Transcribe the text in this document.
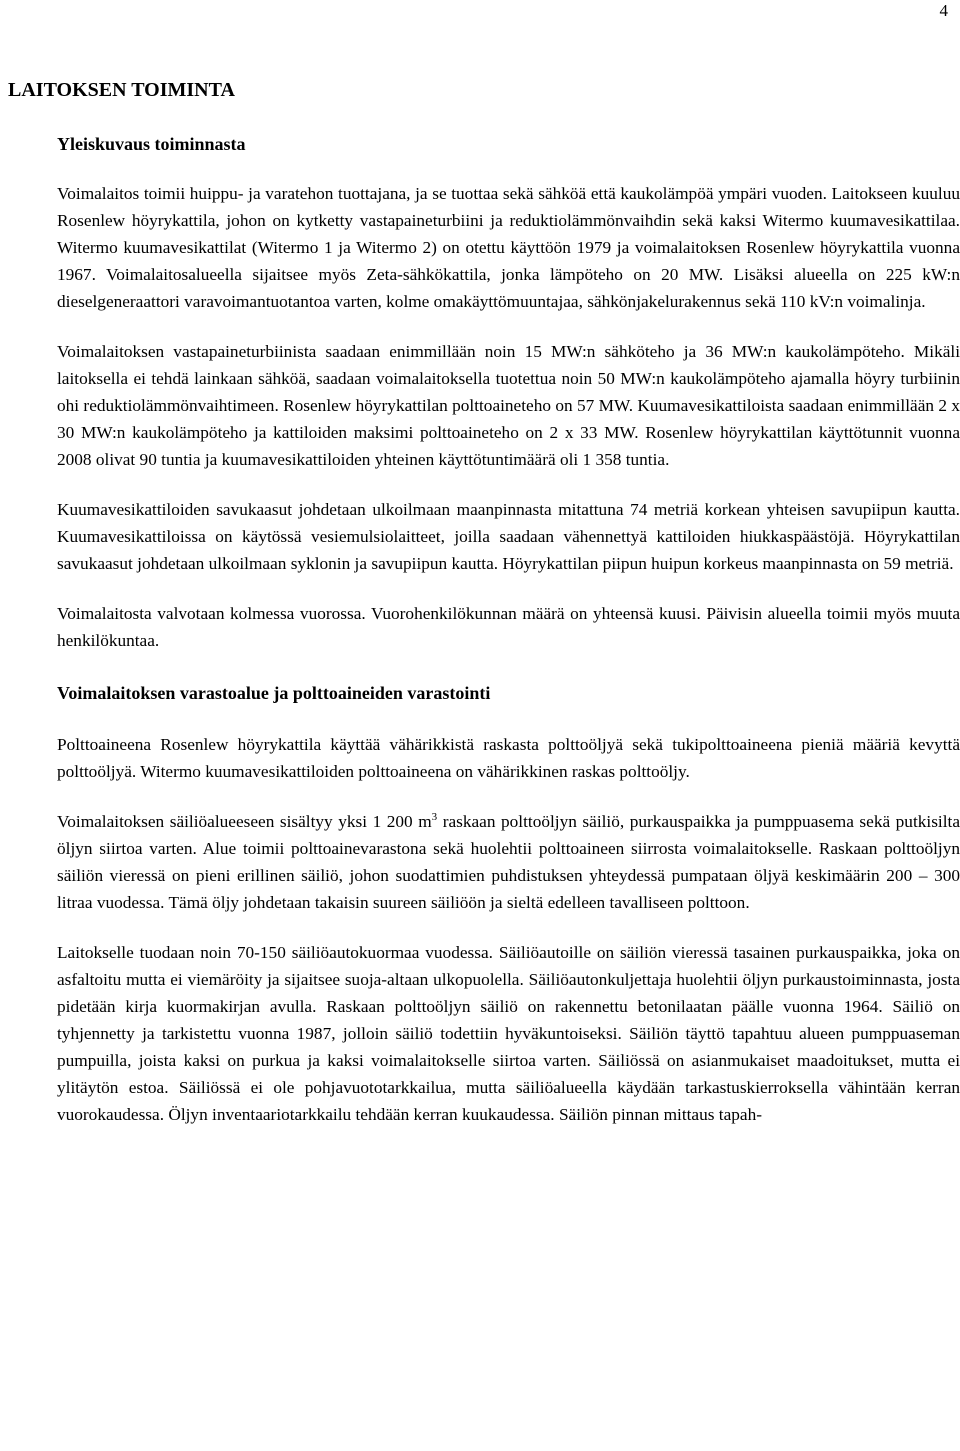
4
LAITOKSEN TOIMINTA
Yleiskuvaus toiminnasta

Voimalaitos toimii huippu- ja varatehon tuottajana, ja se tuottaa sekä sähköä että kaukolämpöä ympäri vuoden. Laitokseen kuuluu Rosenlew höyrykattila, johon on kytketty vastapaineturbiini ja reduktiolämmönvaihdin sekä kaksi Witermo kuumavesikattilaa. Witermo kuumavesikattilat (Witermo 1 ja Witermo 2) on otettu käyttöön 1979 ja voimalaitoksen Rosenlew höyrykattila vuonna 1967. Voimalaitosalueella sijaitsee myös Zeta-sähkökattila, jonka lämpöteho on 20 MW. Lisäksi alueella on 225 kW:n dieselgeneraattori varavoimantuotantoa varten, kolme omakäyttömuuntajaa, sähkönjakelurakennus sekä 110 kV:n voimalinja.

Voimalaitoksen vastapaineturbiinista saadaan enimmillään noin 15 MW:n sähköteho ja 36 MW:n kaukolämpöteho. Mikäli laitoksella ei tehdä lainkaan sähköä, saadaan voimalaitoksella tuotettua noin 50 MW:n kaukolämpöteho ajamalla höyry turbiinin ohi reduktiolämmönvaihtimeen. Rosenlew höyrykattilan polttoaineteho on 57 MW. Kuumavesikattiloista saadaan enimmillään 2 x 30 MW:n kaukolämpöteho ja kattiloiden maksimi polttoaineteho on 2 x 33 MW. Rosenlew höyrykattilan käyttötunnit vuonna 2008 olivat 90 tuntia ja kuumavesikattiloiden yhteinen käyttötuntimäärä oli 1 358 tuntia.

Kuumavesikattiloiden savukaasut johdetaan ulkoilmaan maanpinnasta mitattuna 74 metriä korkean yhteisen savupiipun kautta. Kuumavesikattiloissa on käytössä vesiemulsiolaitteet, joilla saadaan vähennettyä kattiloiden hiukkaspäästöjä. Höyrykattilan savukaasut johdetaan ulkoilmaan syklonin ja savupiipun kautta. Höyrykattilan piipun huipun korkeus maanpinnasta on 59 metriä.

Voimalaitosta valvotaan kolmessa vuorossa. Vuorohenkilökunnan määrä on yhteensä kuusi. Päivisin alueella toimii myös muuta henkilökuntaa.

Voimalaitoksen varastoalue ja polttoaineiden varastointi

Polttoaineena Rosenlew höyrykattila käyttää vähärikkistä raskasta polttoöljyä sekä tukipolttoaineena pieniä määriä kevyttä polttoöljyä. Witermo kuumavesikattiloiden polttoaineena on vähärikkinen raskas polttoöljy.

Voimalaitoksen säiliöalueeseen sisältyy yksi 1 200 $m^3$ raskaan polttoöljyn säiliö, purkauspaikka ja pumppuasema sekä putkisilta öljyn siirtoa varten. Alue toimii polttoainevarastona sekä huolehtii polttoaineen siirrosta voimalaitokselle. Raskaan polttoöljyn säiliön vieressä on pieni erillinen säiliö, johon suodattimien puhdistuksen yhteydessä pumpataan öljyä keskimäärin 200 – 300 litraa vuodessa. Tämä öljy johdetaan takaisin suureen säiliöön ja sieltä edelleen tavalliseen polttoon.

Laitokselle tuodaan noin 70-150 säiliöautokuormaa vuodessa. Säiliöautoille on säiliön vieressä tasainen purkauspaikka, joka on asfaltoitu mutta ei viemäröity ja sijaitsee suoja-altaan ulkopuolella. Säiliöautonkuljettaja huolehtii öljyn purkaustoiminnasta, josta pidetään kirja kuormakirjan avulla. Raskaan polttoöljyn säiliö on rakennettu betonilaatan päälle vuonna 1964. Säiliö on tyhjennetty ja tarkistettu vuonna 1987, jolloin säiliö todettiin hyväkuntoiseksi. Säiliön täyttö tapahtuu alueen pumppuaseman pumpuilla, joista kaksi on purkua ja kaksi voimalaitokselle siirtoa varten. Säiliössä on asianmukaiset maadoitukset, mutta ei ylitäytön estoa. Säiliössä ei ole pohjavuototarkkailua, mutta säiliöalueella käydään tarkastuskierroksella vähintään kerran vuorokaudessa. Öljyn inventaariotarkkailu tehdään kerran kuukaudessa. Säiliön pinnan mittaus tapah-
